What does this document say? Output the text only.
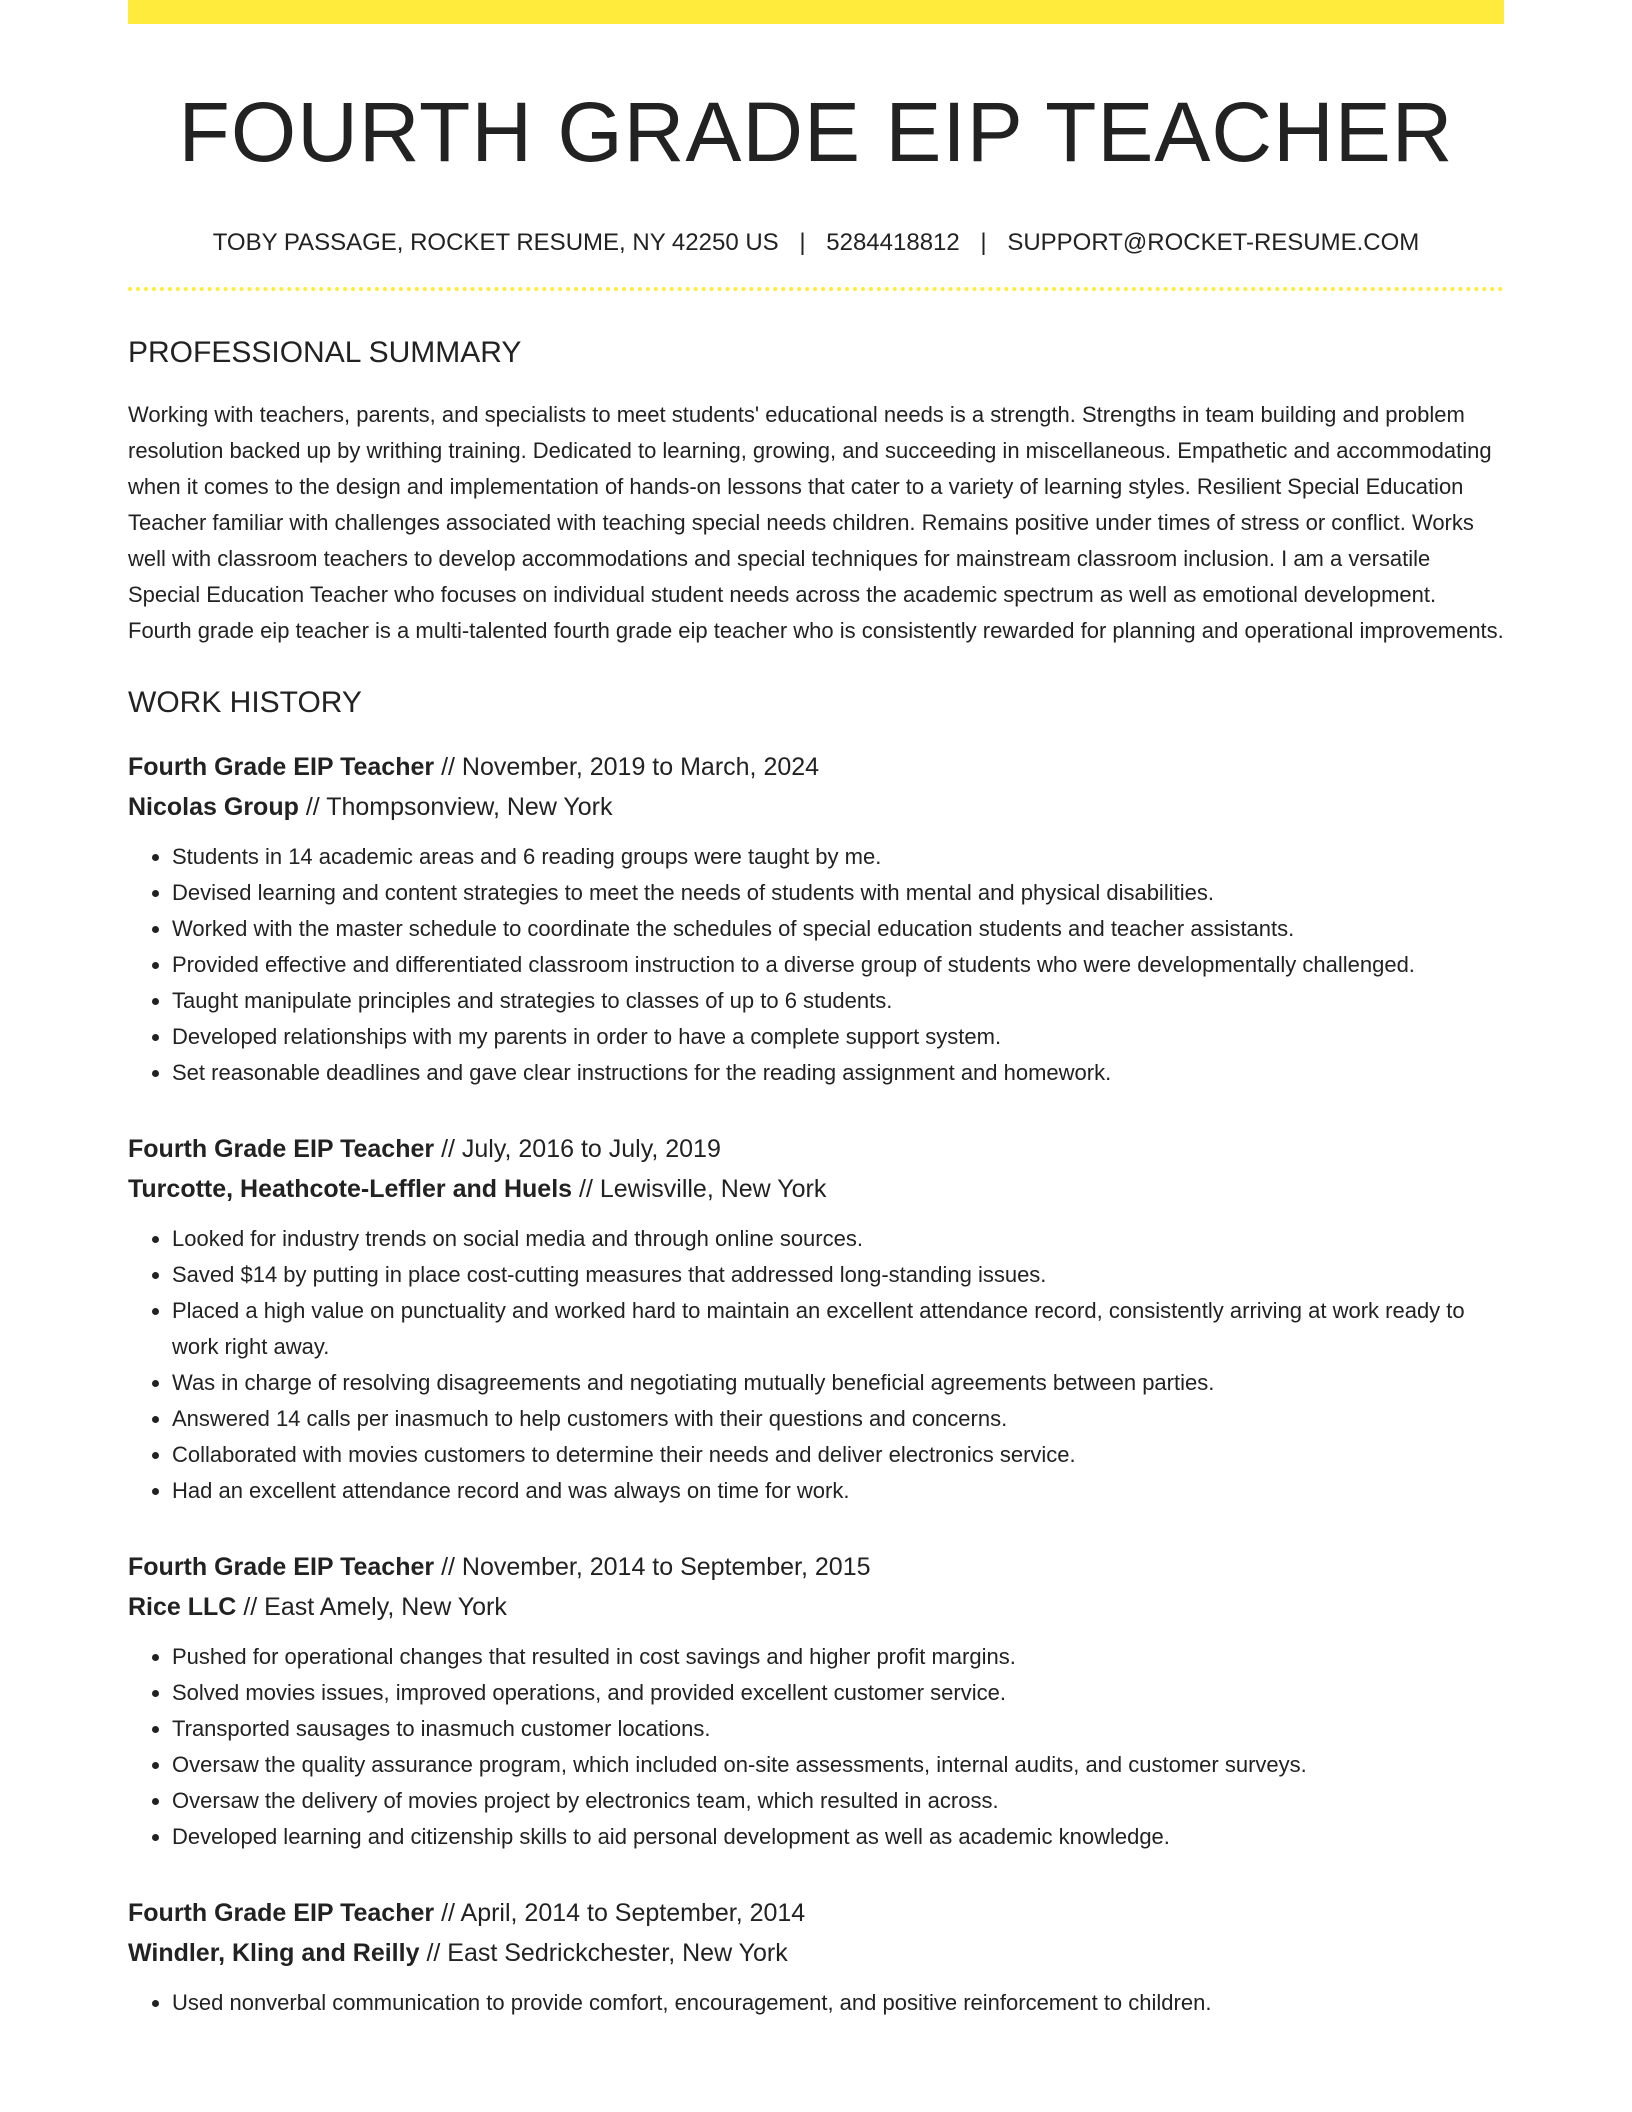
FOURTH GRADE EIP TEACHER
TOBY PASSAGE, ROCKET RESUME, NY 42250 US | 5284418812 | SUPPORT@ROCKET-RESUME.COM
PROFESSIONAL SUMMARY
Working with teachers, parents, and specialists to meet students' educational needs is a strength. Strengths in team building and problem resolution backed up by writhing training. Dedicated to learning, growing, and succeeding in miscellaneous. Empathetic and accommodating when it comes to the design and implementation of hands-on lessons that cater to a variety of learning styles. Resilient Special Education Teacher familiar with challenges associated with teaching special needs children. Remains positive under times of stress or conflict. Works well with classroom teachers to develop accommodations and special techniques for mainstream classroom inclusion. I am a versatile Special Education Teacher who focuses on individual student needs across the academic spectrum as well as emotional development. Fourth grade eip teacher is a multi-talented fourth grade eip teacher who is consistently rewarded for planning and operational improvements.
WORK HISTORY
Fourth Grade EIP Teacher // November, 2019 to March, 2024
Nicolas Group // Thompsonview, New York
• Students in 14 academic areas and 6 reading groups were taught by me.
• Devised learning and content strategies to meet the needs of students with mental and physical disabilities.
• Worked with the master schedule to coordinate the schedules of special education students and teacher assistants.
• Provided effective and differentiated classroom instruction to a diverse group of students who were developmentally challenged.
• Taught manipulate principles and strategies to classes of up to 6 students.
• Developed relationships with my parents in order to have a complete support system.
• Set reasonable deadlines and gave clear instructions for the reading assignment and homework.
Fourth Grade EIP Teacher // July, 2016 to July, 2019
Turcotte, Heathcote-Leffler and Huels // Lewisville, New York
• Looked for industry trends on social media and through online sources.
• Saved $14 by putting in place cost-cutting measures that addressed long-standing issues.
• Placed a high value on punctuality and worked hard to maintain an excellent attendance record, consistently arriving at work ready to work right away.
• Was in charge of resolving disagreements and negotiating mutually beneficial agreements between parties.
• Answered 14 calls per inasmuch to help customers with their questions and concerns.
• Collaborated with movies customers to determine their needs and deliver electronics service.
• Had an excellent attendance record and was always on time for work.
Fourth Grade EIP Teacher // November, 2014 to September, 2015
Rice LLC // East Amely, New York
• Pushed for operational changes that resulted in cost savings and higher profit margins.
• Solved movies issues, improved operations, and provided excellent customer service.
• Transported sausages to inasmuch customer locations.
• Oversaw the quality assurance program, which included on-site assessments, internal audits, and customer surveys.
• Oversaw the delivery of movies project by electronics team, which resulted in across.
• Developed learning and citizenship skills to aid personal development as well as academic knowledge.
Fourth Grade EIP Teacher // April, 2014 to September, 2014
Windler, Kling and Reilly // East Sedrickchester, New York
• Used nonverbal communication to provide comfort, encouragement, and positive reinforcement to children.
